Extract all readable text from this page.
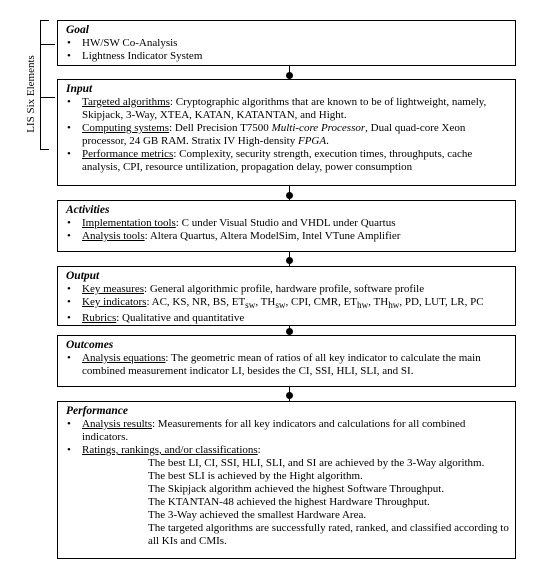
LIS Six Elements
Goal
• HW/SW Co-Analysis
• Lightness Indicator System
Input
• Targeted algorithms: Cryptographic algorithms that are known to be of lightweight, namely, Skipjack, 3-Way, XTEA, KATAN, KATANTAN, and Hight.
• Computing systems: Dell Precision T7500 Multi-core Processor, Dual quad-core Xeon processor, 24 GB RAM. Stratix IV High-density FPGA.
• Performance metrics: Complexity, security strength, execution times, throughputs, cache analysis, CPI, resource untilization, propagation delay, power consumption
Activities
• Implementation tools: C under Visual Studio and VHDL under Quartus
• Analysis tools: Altera Quartus, Altera ModelSim, Intel VTune Amplifier
Output
• Key measures: General algorithmic profile, hardware profile, software profile
• Key indicators: AC, KS, NR, BS, $ET_{sw}$, $TH_{sw}$, CPI, CMR, $ET_{hw}$, $TH_{hw}$, PD, LUT, LR, PC
• Rubrics: Qualitative and quantitative
Outcomes
• Analysis equations: The geometric mean of ratios of all key indicator to calculate the main combined measurement indicator LI, besides the CI, SSI, HLI, SLI, and SI.
Performance
• Analysis results: Measurements for all key indicators and calculations for all combined indicators.
• Ratings, rankings, and/or classifications:
The best LI, CI, SSI, HLI, SLI, and SI are achieved by the 3-Way algorithm.
The best SLI is achieved by the Hight algorithm.
The Skipjack algorithm achieved the highest Software Throughput.
The KTANTAN-48 achieved the highest Hardware Throughput.
The 3-Way achieved the smallest Hardware Area.
The targeted algorithms are successfully rated, ranked, and classified according to all KIs and CMIs.
